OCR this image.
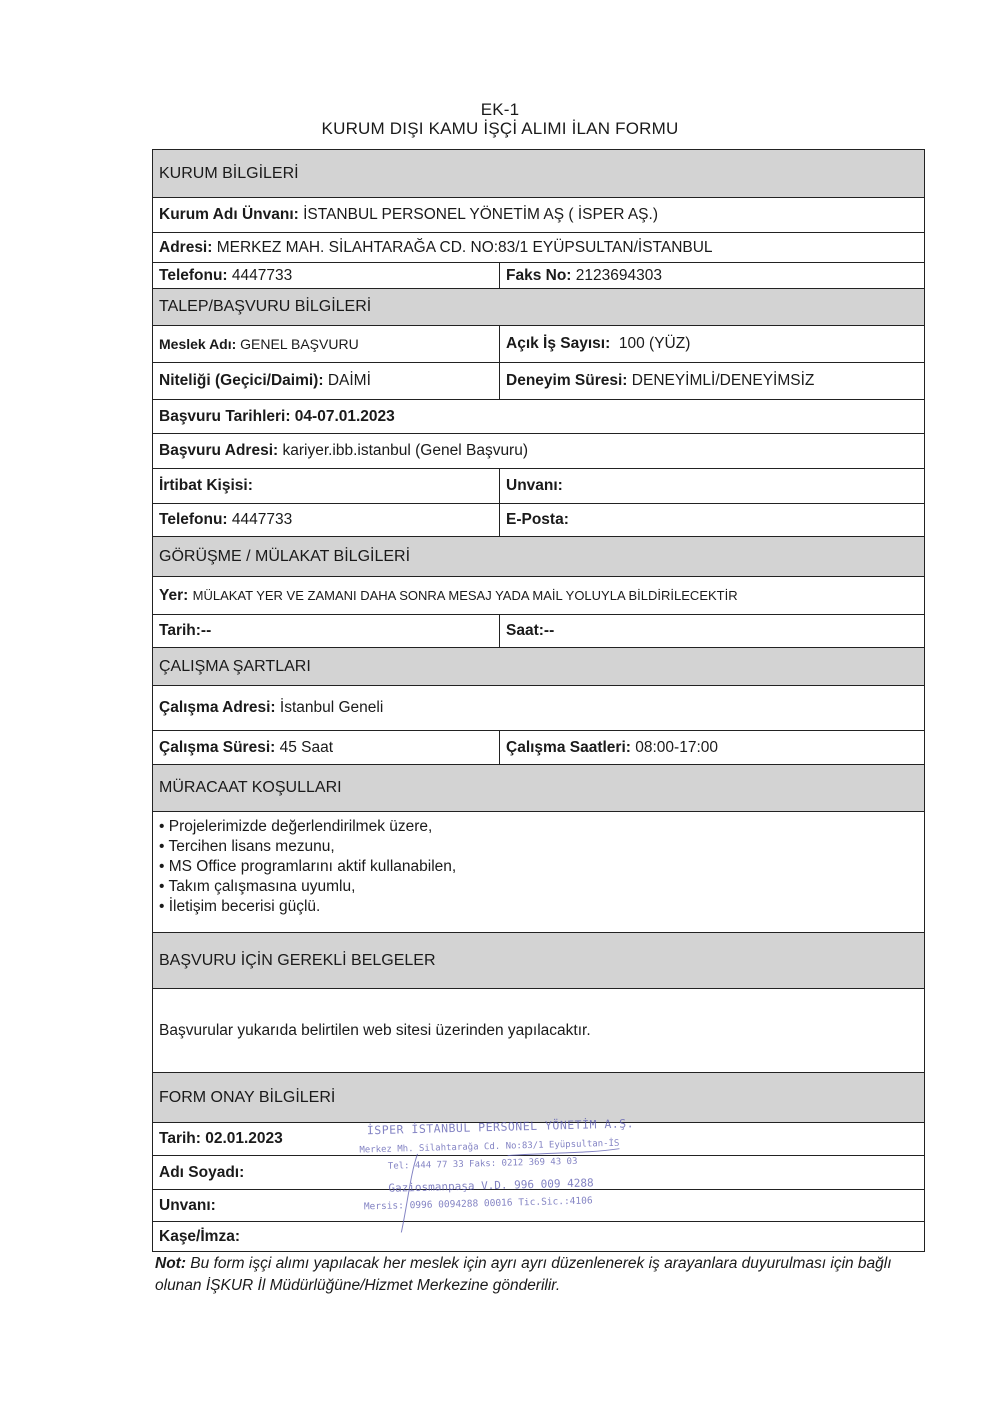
EK-1
KURUM DIŞI KAMU İŞÇİ ALIMI İLAN FORMU
KURUM BİLGİLERİ	
Kurum Adı Ünvanı: İSTANBUL PERSONEL YÖNETİM AŞ ( İSPER AŞ.)	
Adresi: MERKEZ MAH. SİLAHTARAĞA CD. NO:83/1 EYÜPSULTAN/İSTANBUL	
Telefonu: 4447733	Faks No: 2123694303
TALEP/BAŞVURU BİLGİLERİ	
Meslek Adı: GENEL BAŞVURU	Açık İş Sayısı: 100 (YÜZ)
Niteliği (Geçici/Daimi): DAİMİ	Deneyim Süresi: DENEYİMLİ/DENEYİMSİZ
Başvuru Tarihleri: 04-07.01.2023	
Başvuru Adresi: kariyer.ibb.istanbul (Genel Başvuru)	
İrtibat Kişisi:	Unvanı:
Telefonu: 4447733	E-Posta:
GÖRÜŞME / MÜLAKAT BİLGİLERİ	
Yer: MÜLAKAT YER VE ZAMANI DAHA SONRA MESAJ YADA MAİL YOLUYLA BİLDİRİLECEKTİR	
Tarih:--	Saat:--
ÇALIŞMA ŞARTLARI	
Çalışma Adresi: İstanbul Geneli	
Çalışma Süresi: 45 Saat	Çalışma Saatleri: 08:00-17:00
MÜRACAAT KOŞULLARI	

• Projelerimizde değerlendirilmek üzere,
• Tercihen lisans mezunu,
• MS Office programlarını aktif kullanabilen,
• Takım çalışmasına uyumlu,
• İletişim becerisi güçlü.	

BAŞVURU İÇİN GEREKLİ BELGELER	
Başvurular yukarıda belirtilen web sitesi üzerinden yapılacaktır.	
FORM ONAY BİLGİLERİ	
Tarih: 02.01.2023	
Adı Soyadı:	
Unvanı:	
Kaşe/İmza:	
İSPER İSTANBUL PERSONEL YÖNETİM A.Ş.
Merkez Mh. Silahtarağa Cd. No:83/1 Eyüpsultan-İS
Tel: 444 77 33 Faks: 0212 369 43 03
Gaziosmanpaşa V.D. 996 009 4288
Mersis: 0996 0094288 00016 Tic.Sic.:4106
Not: Bu form işçi alımı yapılacak her meslek için ayrı ayrı düzenlenerek iş arayanlara duyurulması için bağlı olunan İŞKUR İl Müdürlüğüne/Hizmet Merkezine gönderilir.
